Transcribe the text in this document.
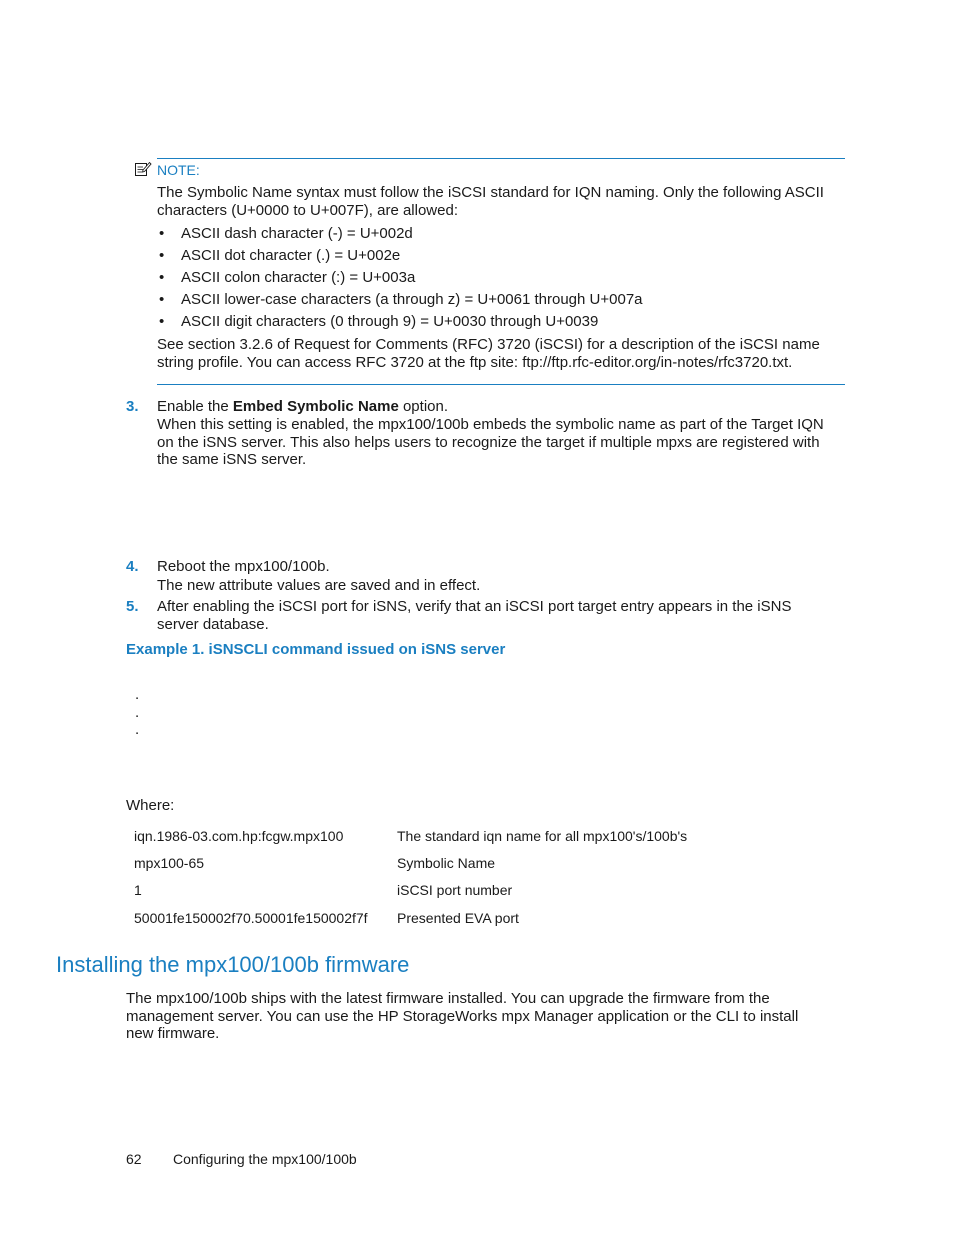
NOTE:
The Symbolic Name syntax must follow the iSCSI standard for IQN naming. Only the following ASCII characters (U+0000 to U+007F), are allowed:
• ASCII dash character (-) = U+002d
• ASCII dot character (.) = U+002e
• ASCII colon character (:) = U+003a
• ASCII lower-case characters (a through z) = U+0061 through U+007a
• ASCII digit characters (0 through 9) = U+0030 through U+0039
See section 3.2.6 of Request for Comments (RFC) 3720 (iSCSI) for a description of the iSCSI name string profile. You can access RFC 3720 at the ftp site: ftp://ftp.rfc-editor.org/in-notes/rfc3720.txt.
3. Enable the Embed Symbolic Name option.
When this setting is enabled, the mpx100/100b embeds the symbolic name as part of the Target IQN on the iSNS server. This also helps users to recognize the target if multiple mpxs are registered with the same iSNS server.
4. Reboot the mpx100/100b.
The new attribute values are saved and in effect.
5. After enabling the iSCSI port for iSNS, verify that an iSCSI port target entry appears in the iSNS server database.
Example 1. iSNSCLI command issued on iSNS server
.
.
.
Where:
iqn.1986-03.com.hp:fcgw.mpx100	The standard iqn name for all mpx100's/100b's
mpx100-65	Symbolic Name
1	iSCSI port number
50001fe150002f70.50001fe150002f7f Presented EVA port
Installing the mpx100/100b firmware
The mpx100/100b ships with the latest firmware installed. You can upgrade the firmware from the management server. You can use the HP StorageWorks mpx Manager application or the CLI to install new firmware.
62 Configuring the mpx100/100b
